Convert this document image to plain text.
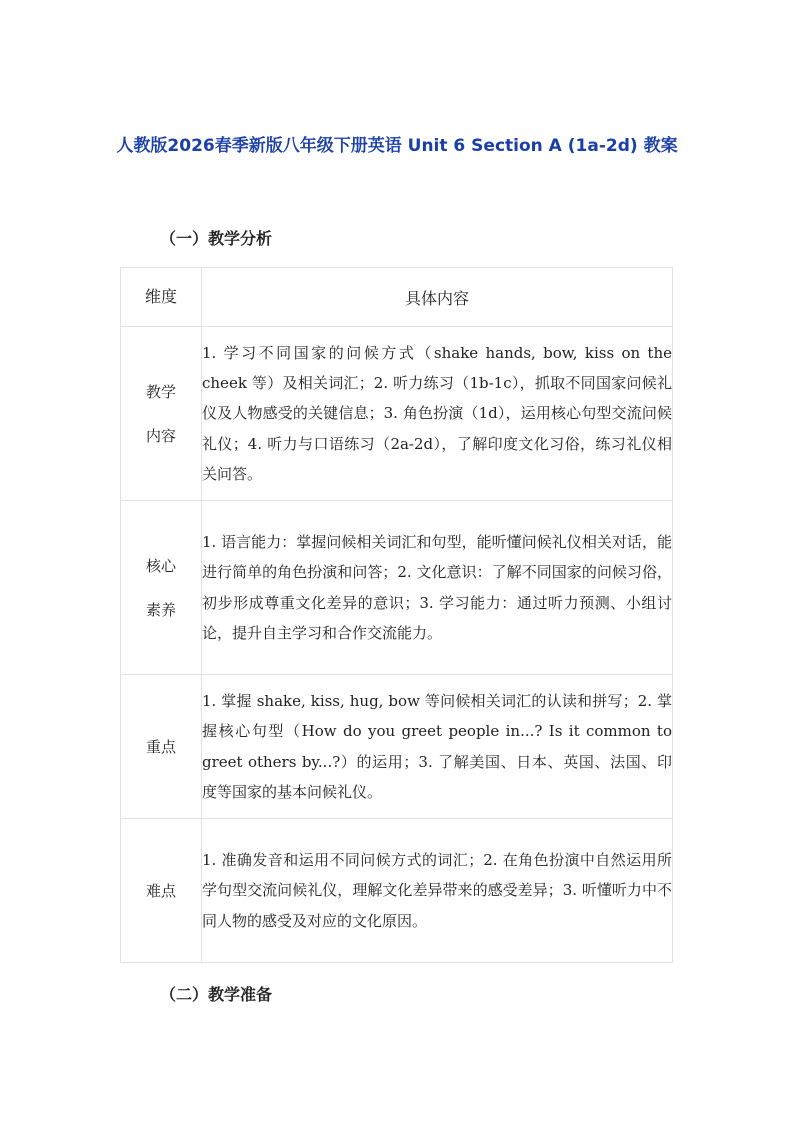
人教版2026春季新版八年级下册英语 Unit 6 Section A (1a-2d) 教案
（一）教学分析
维度	具体内容
教学内容	1. 学习不同国家的问候方式（shake hands, bow, kiss on the cheek 等）及相关词汇；2. 听力练习（1b-1c），抓取不同国家问候礼仪及人物感受的关键信息；3. 角色扮演（1d），运用核心句型交流问候礼仪；4. 听力与口语练习（2a-2d），了解印度文化习俗，练习礼仪相关问答。
核心素养	1. 语言能力：掌握问候相关词汇和句型，能听懂问候礼仪相关对话，能进行简单的角色扮演和问答；2. 文化意识：了解不同国家的问候习俗，初步形成尊重文化差异的意识；3. 学习能力：通过听力预测、小组讨论，提升自主学习和合作交流能力。
重点	1. 掌握 shake, kiss, hug, bow 等问候相关词汇的认读和拼写；2. 掌握核心句型（How do you greet people in...? Is it common to greet others by...?）的运用；3. 了解美国、日本、英国、法国、印度等国家的基本问候礼仪。
难点	1. 准确发音和运用不同问候方式的词汇；2. 在角色扮演中自然运用所学句型交流问候礼仪，理解文化差异带来的感受差异；3. 听懂听力中不同人物的感受及对应的文化原因。
（二）教学准备
